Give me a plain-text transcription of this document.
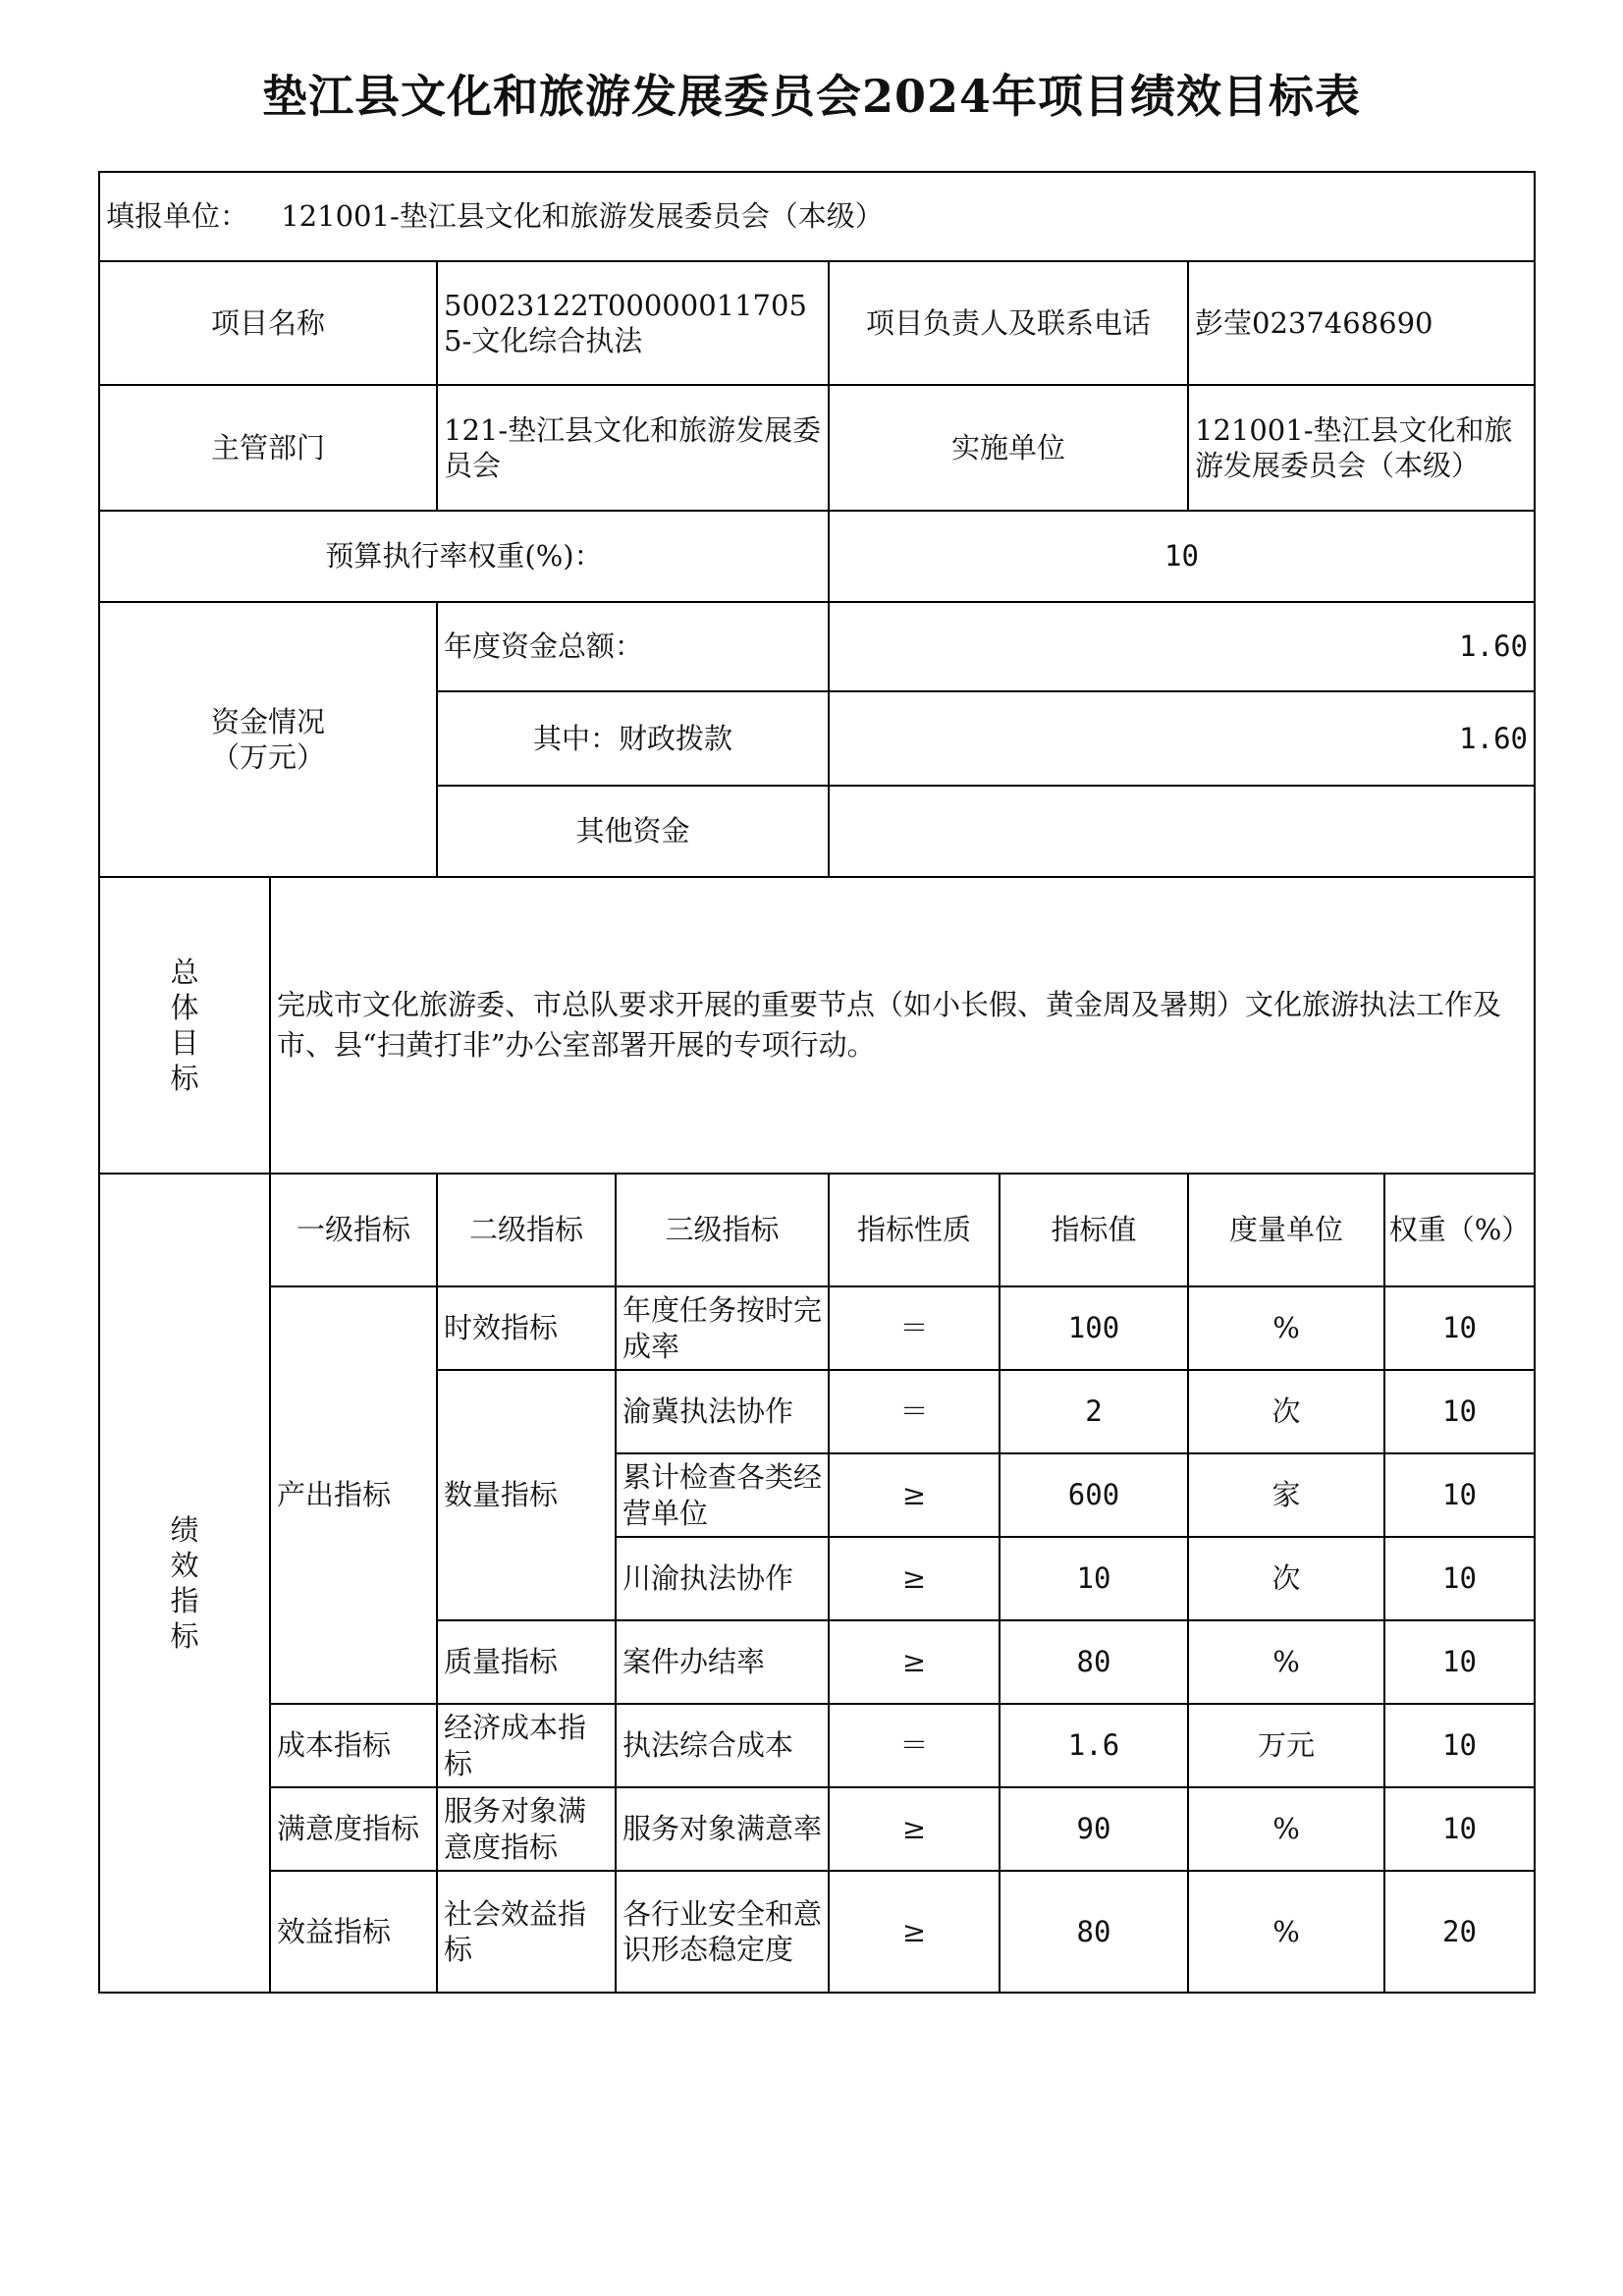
垫江县文化和旅游发展委员会2024年项目绩效目标表
填报单位： 121001-垫江县文化和旅游发展委员会（本级）							
项目名称		50023122T000000117055-文化综合执法		项目负责人及联系电话		彭莹0237468690	
主管部门		121-垫江县文化和旅游发展委员会		实施单位		121001-垫江县文化和旅游发展委员会（本级）	
预算执行率权重(%)：				10			

资金情况
（万元）		年度资金总额：		1.60			
		其中：财政拨款		1.60			
		其他资金					

总
体
目
标	完成市文化旅游委、市总队要求开展的重要节点（如小长假、黄金周及暑期）文化旅游执法工作及市、县“扫黄打非”办公室部署开展的专项行动。						

绩
效
指
标	一级指标	二级指标	三级指标	指标性质	指标值	度量单位	权重（%）
	产出指标	时效指标	年度任务按时完成率	＝	100	%	10
		数量指标	渝冀执法协作	＝	2	次	10
			累计检查各类经营单位	≥	600	家	10
			川渝执法协作	≥	10	次	10
		质量指标	案件办结率	≥	80	%	10
	成本指标	经济成本指标	执法综合成本	＝	1.6	万元	10
	满意度指标	服务对象满意度指标	服务对象满意率	≥	90	%	10
	效益指标	社会效益指标	各行业安全和意识形态稳定度	≥	80	%	20
